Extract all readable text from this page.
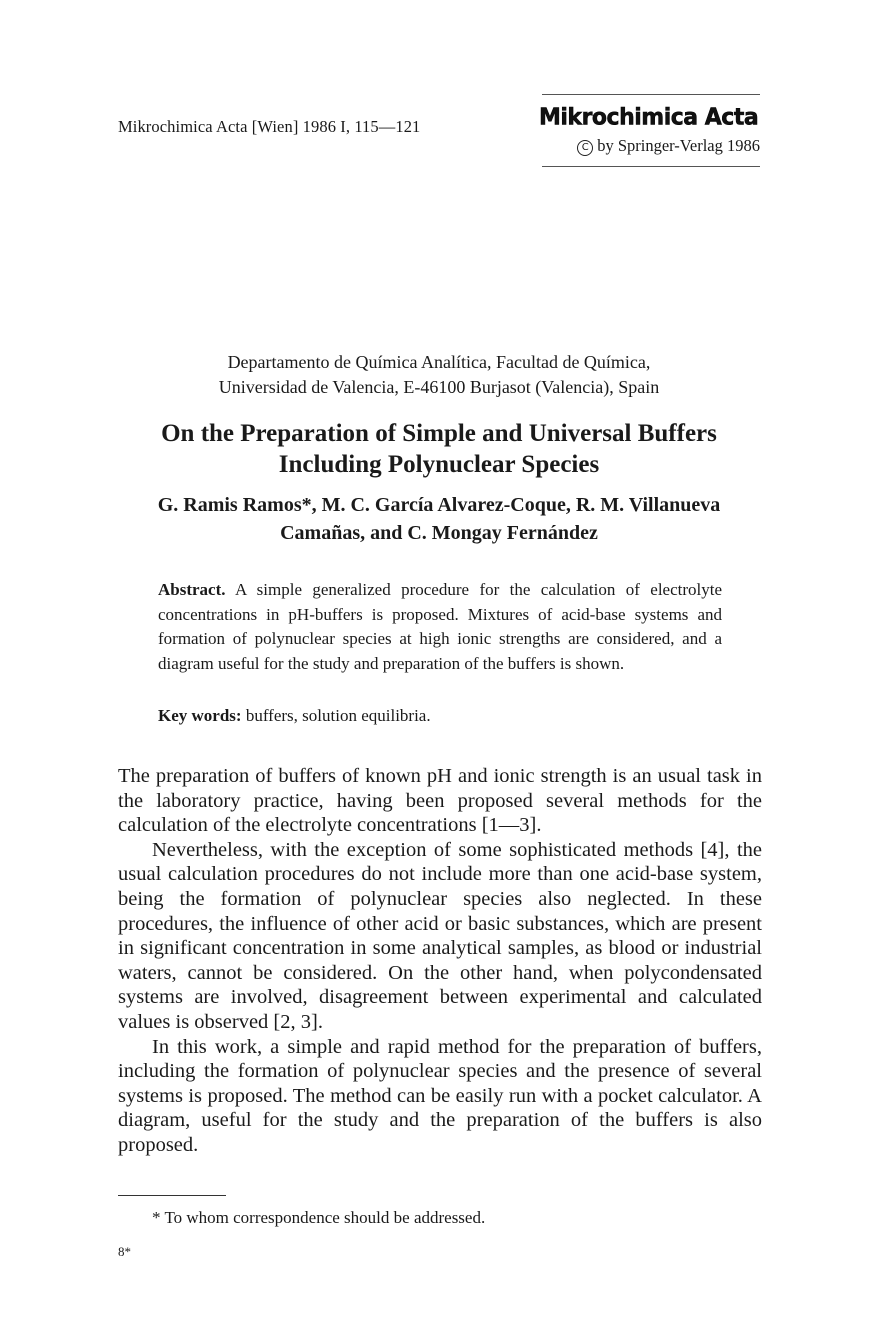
Mikrochimica Acta [Wien] 1986 I, 115—121	Mikrochimica Acta
C by Springer-Verlag 1986
Departamento de Química Analítica, Facultad de Química,
Universidad de Valencia, E-46100 Burjasot (Valencia), Spain
On the Preparation of Simple and Universal Buffers
Including Polynuclear Species
G. Ramis Ramos*, M. C. García Alvarez-Coque, R. M. Villanueva
Camañas, and C. Mongay Fernández
Abstract. A simple generalized procedure for the calculation of electrolyte concentrations in pH-buffers is proposed. Mixtures of acid-base systems and formation of polynuclear species at high ionic strengths are considered, and a diagram useful for the study and preparation of the buffers is shown.
Key words: buffers, solution equilibria.

The preparation of buffers of known pH and ionic strength is an usual task in the laboratory practice, having been proposed several methods for the calculation of the electrolyte concentrations [1—3].

Nevertheless, with the exception of some sophisticated methods [4], the usual calculation procedures do not include more than one acid-base system, being the formation of polynuclear species also neglected. In these procedures, the influence of other acid or basic substances, which are present in significant concentration in some analytical samples, as blood or industrial waters, cannot be considered. On the other hand, when polycondensated systems are involved, disagreement between experimental and calculated values is observed [2, 3].

In this work, a simple and rapid method for the preparation of buffers, including the formation of polynuclear species and the presence of several systems is proposed. The method can be easily run with a pocket calculator. A diagram, useful for the study and the preparation of the buffers is also proposed.

* To whom correspondence should be addressed.
8*
